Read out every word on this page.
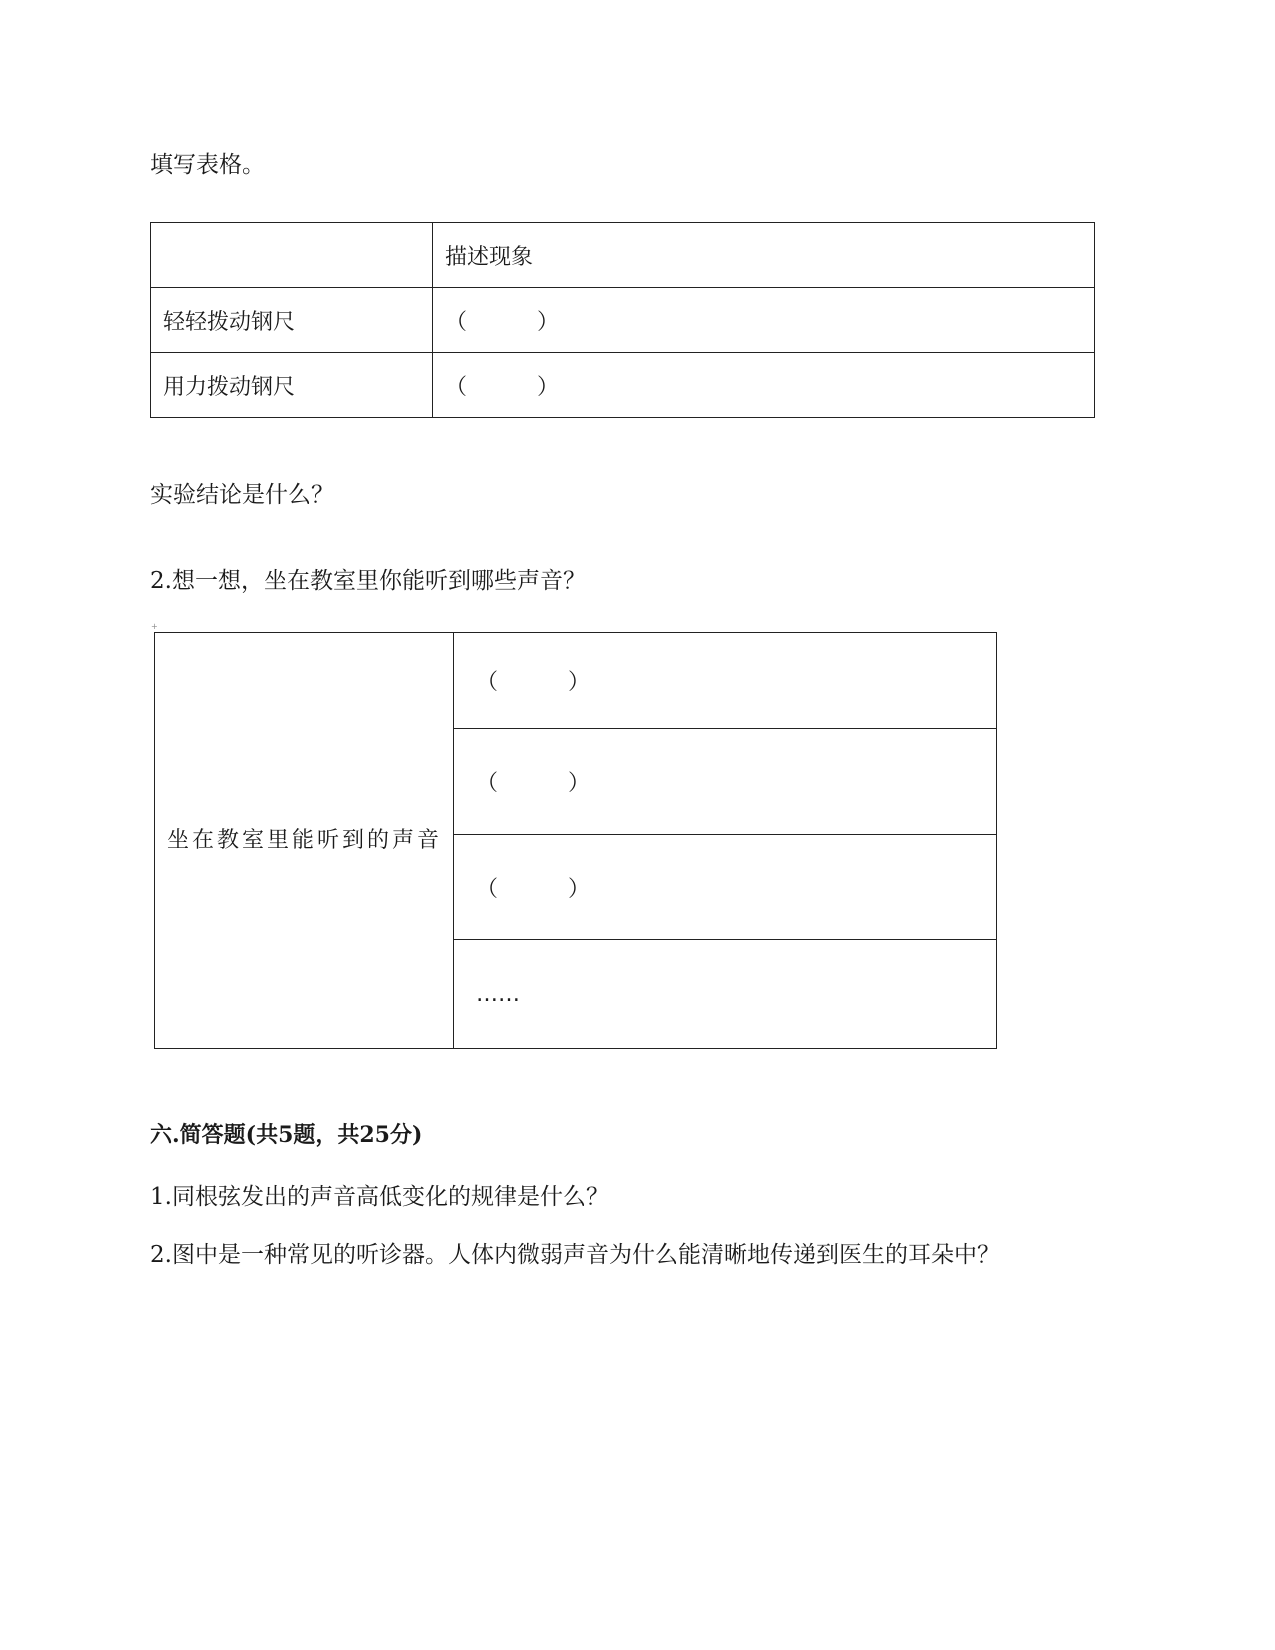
填写表格。
	描述现象
轻轻拨动钢尺	（　　　）
用力拨动钢尺	（　　　）
实验结论是什么？
2.想一想，坐在教室里你能听到哪些声音？
+
坐在教室里能听到的声音	（　　　）
（　　　）
（　　　）
……
六.简答题(共5题，共25分)
1.同根弦发出的声音高低变化的规律是什么？
2.图中是一种常见的听诊器。人体内微弱声音为什么能清晰地传递到医生的耳朵中？
